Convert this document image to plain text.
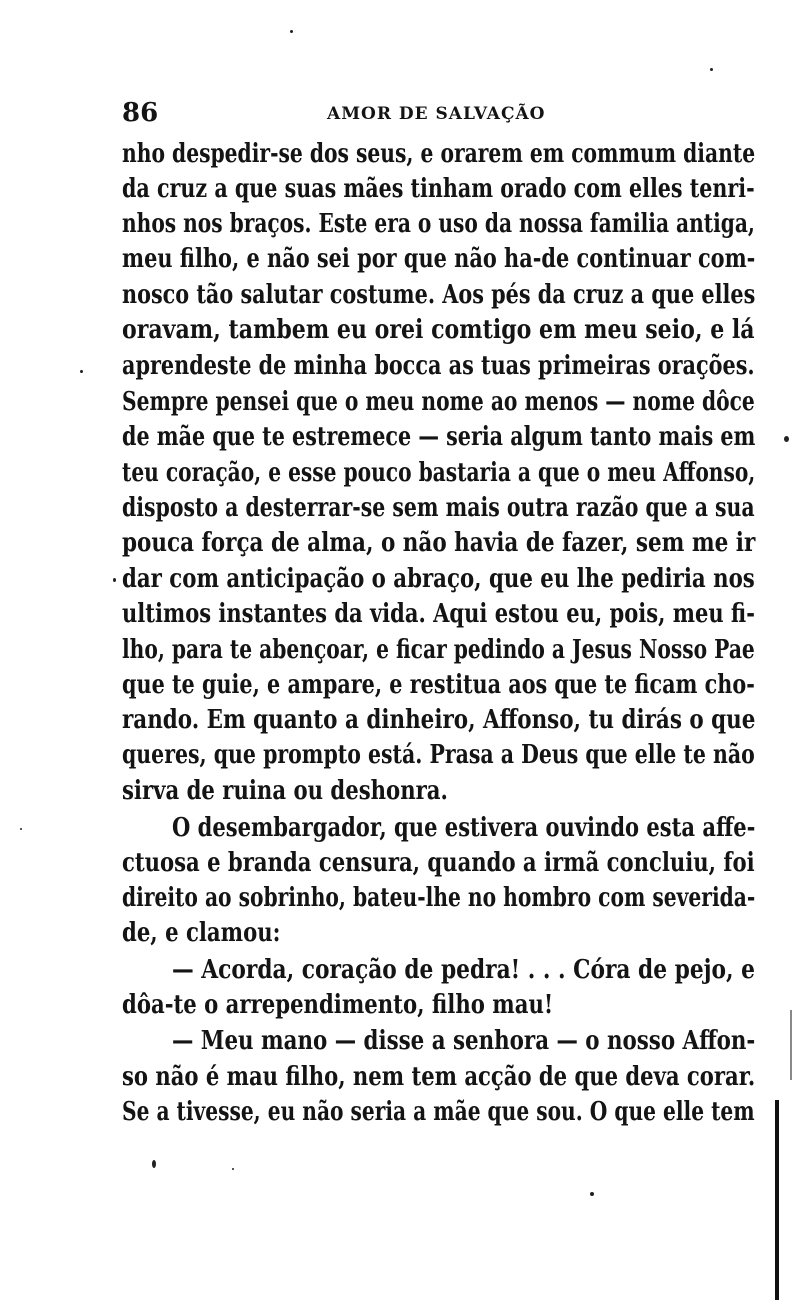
86	AMOR DE SALVAÇÃO
nho despedir-se dos seus, e orarem em commum diante
da cruz a que suas mães tinham orado com elles tenri-
nhos nos braços. Este era o uso da nossa familia antiga,
meu filho, e não sei por que não ha-de continuar com-
nosco tão salutar costume. Aos pés da cruz a que elles
oravam, tambem eu orei comtigo em meu seio, e lá
aprendeste de minha bocca as tuas primeiras orações.
Sempre pensei que o meu nome ao menos — nome dôce
de mãe que te estremece — seria algum tanto mais em
teu coração, e esse pouco bastaria a que o meu Affonso,
disposto a desterrar-se sem mais outra razão que a sua
pouca força de alma, o não havia de fazer, sem me ir
dar com anticipação o abraço, que eu lhe pediria nos
ultimos instantes da vida. Aqui estou eu, pois, meu fi-
lho, para te abençoar, e ficar pedindo a Jesus Nosso Pae
que te guie, e ampare, e restitua aos que te ficam cho-
rando. Em quanto a dinheiro, Affonso, tu dirás o que
queres, que prompto está. Prasa a Deus que elle te não
sirva de ruina ou deshonra.
O desembargador, que estivera ouvindo esta affe-
ctuosa e branda censura, quando a irmã concluiu, foi
direito ao sobrinho, bateu-lhe no hombro com severida-
de, e clamou:
— Acorda, coração de pedra! . . . Córa de pejo, e
dôa-te o arrependimento, filho mau!
— Meu mano — disse a senhora — o nosso Affon-
so não é mau filho, nem tem acção de que deva corar.
Se a tivesse, eu não seria a mãe que sou. O que elle tem
